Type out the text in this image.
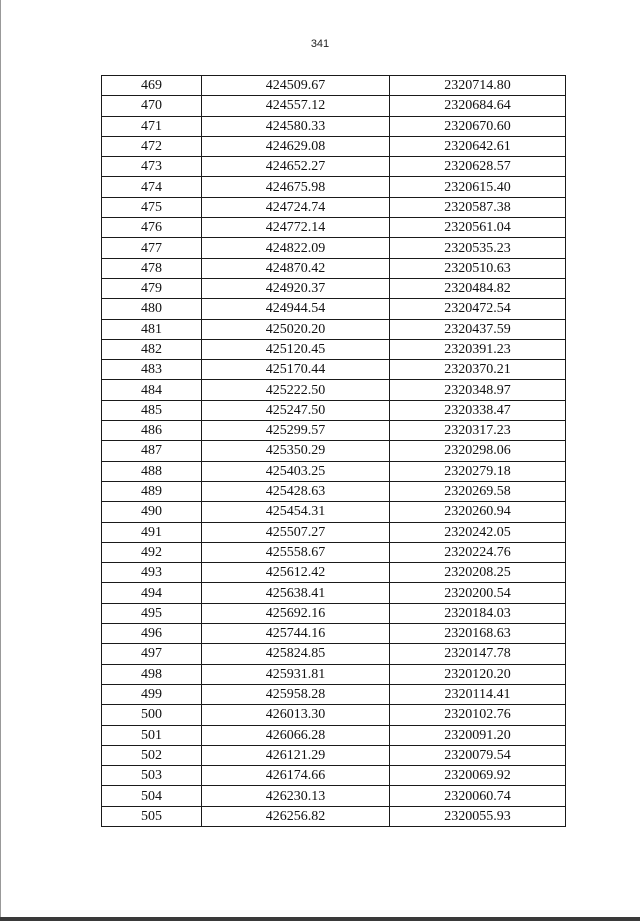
341
469	424509.67	2320714.80
470	424557.12	2320684.64
471	424580.33	2320670.60
472	424629.08	2320642.61
473	424652.27	2320628.57
474	424675.98	2320615.40
475	424724.74	2320587.38
476	424772.14	2320561.04
477	424822.09	2320535.23
478	424870.42	2320510.63
479	424920.37	2320484.82
480	424944.54	2320472.54
481	425020.20	2320437.59
482	425120.45	2320391.23
483	425170.44	2320370.21
484	425222.50	2320348.97
485	425247.50	2320338.47
486	425299.57	2320317.23
487	425350.29	2320298.06
488	425403.25	2320279.18
489	425428.63	2320269.58
490	425454.31	2320260.94
491	425507.27	2320242.05
492	425558.67	2320224.76
493	425612.42	2320208.25
494	425638.41	2320200.54
495	425692.16	2320184.03
496	425744.16	2320168.63
497	425824.85	2320147.78
498	425931.81	2320120.20
499	425958.28	2320114.41
500	426013.30	2320102.76
501	426066.28	2320091.20
502	426121.29	2320079.54
503	426174.66	2320069.92
504	426230.13	2320060.74
505	426256.82	2320055.93
